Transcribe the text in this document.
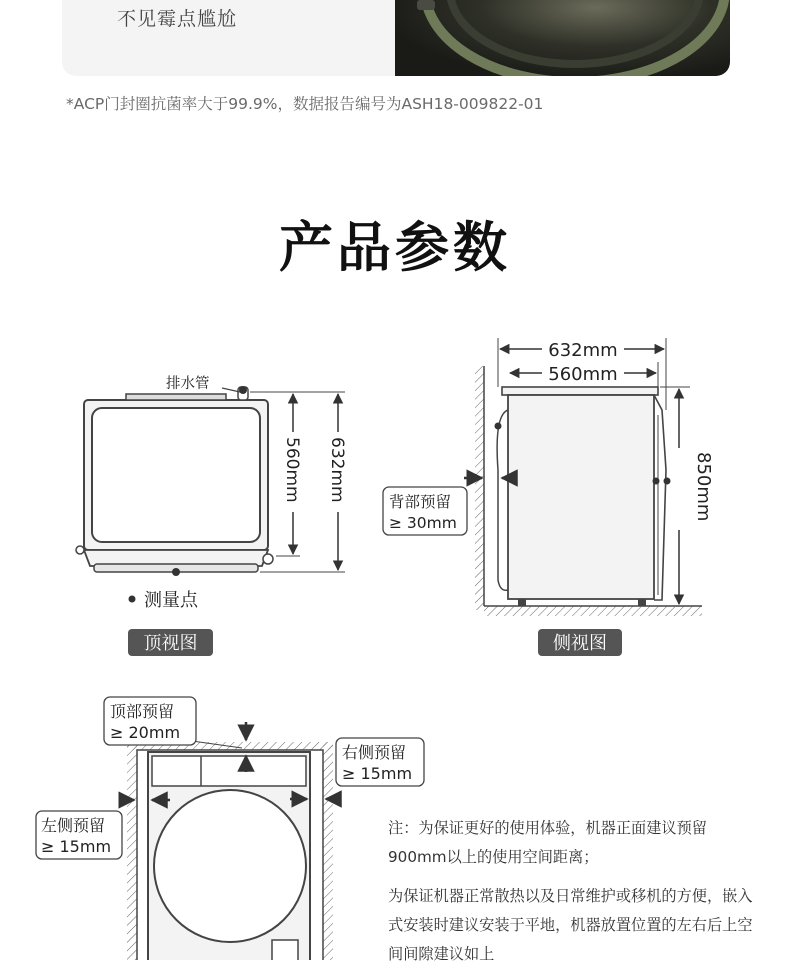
不见霉点尴尬
*ACP门封圈抗菌率大于99.9%，数据报告编号为ASH18-009822-01
产品参数
排水管
560mm 632mm
测量点
顶视图
632mm
560mm
850mm
背部预留
≥ 30mm
侧视图
顶部预留
≥ 20mm
右侧预留
≥ 15mm
左侧预留
≥ 15mm

注：为保证更好的使用体验，机器正面建议预留900mm以上的使用空间距离；

为保证机器正常散热以及日常维护或移机的方便，嵌入式安装时建议安装于平地，机器放置位置的左右后上空间间隙建议如上
